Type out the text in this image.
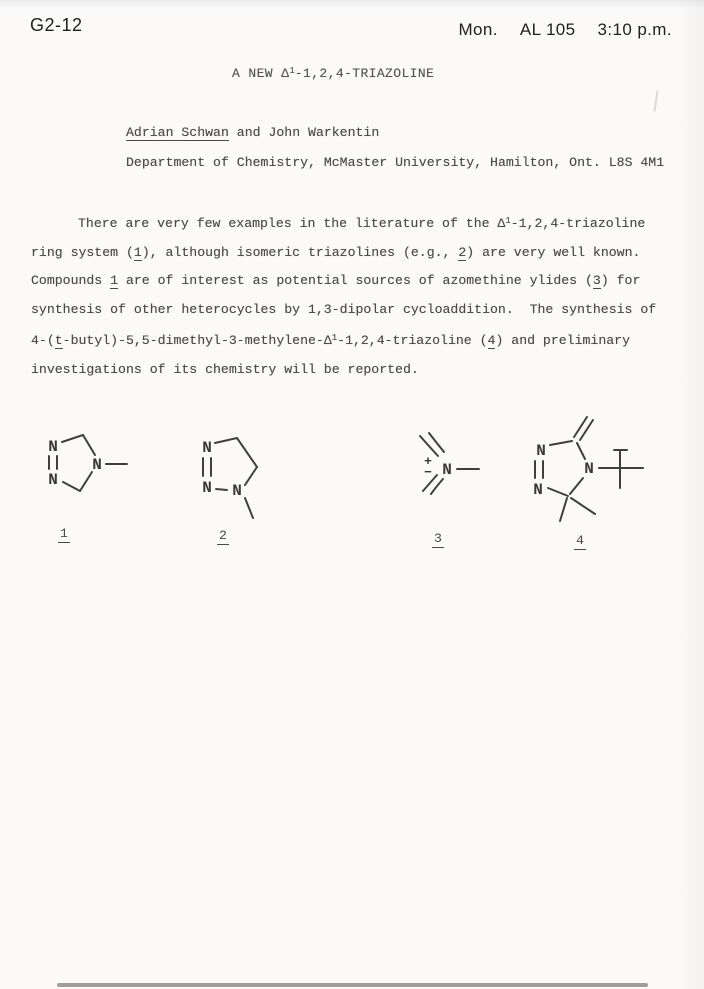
G2-12	Mon. AL 105 3:10 p.m.
A NEW $\Delta^1-1,2,4$-TRIAZOLINE
Adrian Schwan and John Warkentin
Department of Chemistry, McMaster University, Hamilton, Ont. L8S 4M1
There are very few examples in the literature of the $\Delta^1-1,2,4$-triazoline
ring system (1), although isomeric triazolines (e.g., 2) are very well known.
Compounds 1 are of interest as potential sources of azomethine ylides (3) for
synthesis of other heterocycles by 1,3-dipolar cycloaddition.  The synthesis of
$4-(t-butyl)-5,5-dimethyl-3-methylene-\Delta^1-1,2,4$-triazoline (4) and preliminary
investigations of its chemistry will be reported.
N
N
N
1
N
N N
2
N
+
−
3
N
N
N
4
